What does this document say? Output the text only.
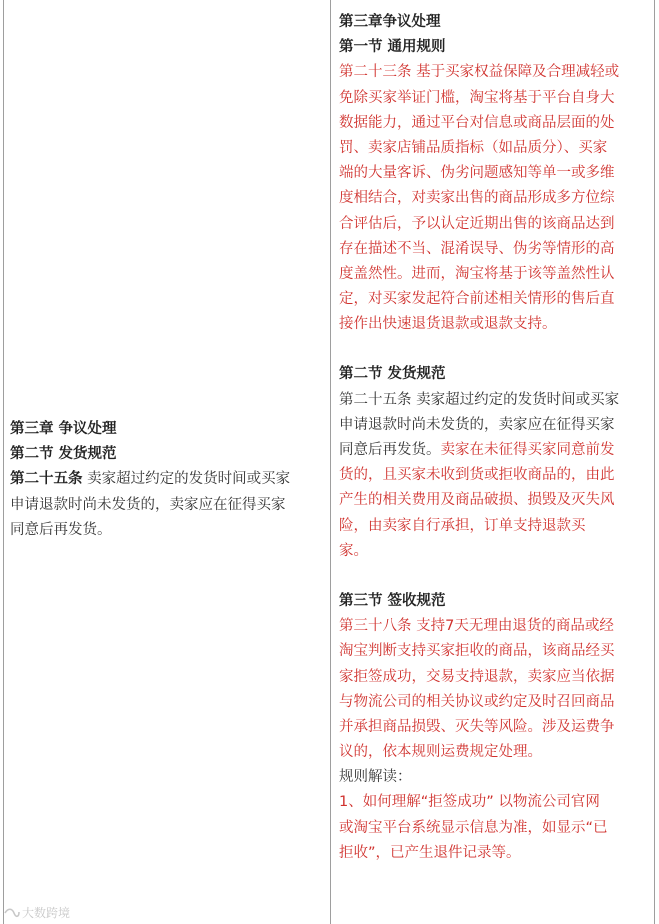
第三章 争议处理
第二节 发货规范
第二十五条 卖家超过约定的发货时间或买家
申请退款时尚未发货的，卖家应在征得买家
同意后再发货。
第三章争议处理
第一节 通用规则
第二十三条 基于买家权益保障及合理减轻或
免除买家举证门槛，淘宝将基于平台自身大
数据能力，通过平台对信息或商品层面的处
罚、卖家店铺品质指标（如品质分）、买家
端的大量客诉、伪劣问题感知等单一或多维
度相结合，对卖家出售的商品形成多方位综
合评估后，予以认定近期出售的该商品达到
存在描述不当、混淆误导、伪劣等情形的高
度盖然性。进而，淘宝将基于该等盖然性认
定，对买家发起符合前述相关情形的售后直
接作出快速退货退款或退款支持。
第二节 发货规范
第二十五条 卖家超过约定的发货时间或买家
申请退款时尚未发货的，卖家应在征得买家
同意后再发货。卖家在未征得买家同意前发
货的，且买家未收到货或拒收商品的，由此
产生的相关费用及商品破损、损毁及灭失风
险，由卖家自行承担，订单支持退款买
家。
第三节 签收规范
第三十八条 支持7天无理由退货的商品或经
淘宝判断支持买家拒收的商品，该商品经买
家拒签成功，交易支持退款，卖家应当依据
与物流公司的相关协议或约定及时召回商品
并承担商品损毁、灭失等风险。涉及运费争
议的，依本规则运费规定处理。
规则解读：
1、如何理解“拒签成功” 以物流公司官网
或淘宝平台系统显示信息为准，如显示“已
拒收”，已产生退件记录等。
大数跨境
